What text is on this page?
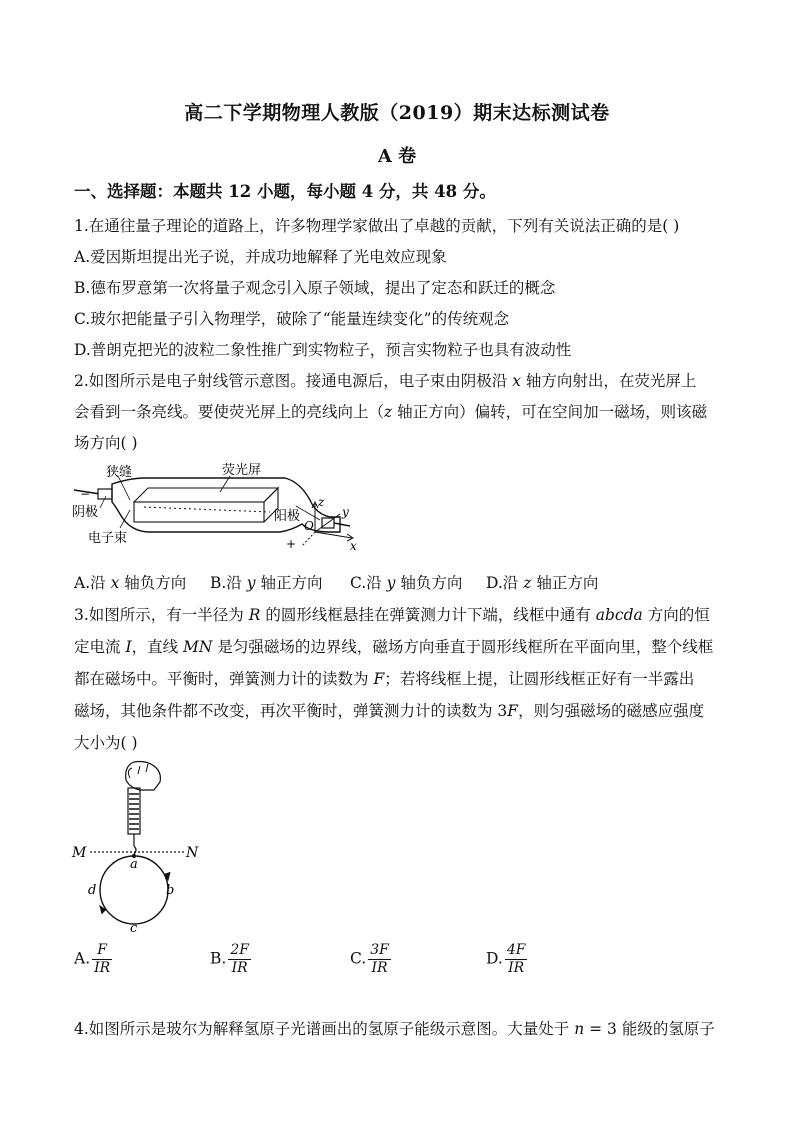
高二下学期物理人教版（2019）期末达标测试卷
A 卷
一、选择题：本题共 12 小题，每小题 4 分，共 48 分。
1.在通往量子理论的道路上，许多物理学家做出了卓越的贡献，下列有关说法正确的是( )
A.爱因斯坦提出光子说，并成功地解释了光电效应现象
B.德布罗意第一次将量子观念引入原子领域，提出了定态和跃迁的概念
C.玻尔把能量子引入物理学，破除了“能量连续变化”的传统观念
D.普朗克把光的波粒二象性推广到实物粒子，预言实物粒子也具有波动性
2.如图所示是电子射线管示意图。接通电源后，电子束由阴极沿 x 轴方向射出，在荧光屏上
会看到一条亮线。要使荧光屏上的亮线向上（z 轴正方向）偏转，可在空间加一磁场，则该磁
场方向( )
狭缝	荧光屏
阴极	阳极
电子束
−
+
z
y
x
O
A.沿 x 轴负方向 B.沿 y 轴正方向 C.沿 y 轴负方向 D.沿 z 轴正方向
3.如图所示，有一半径为 R 的圆形线框悬挂在弹簧测力计下端，线框中通有 abcda 方向的恒
定电流 I，直线 MN 是匀强磁场的边界线，磁场方向垂直于圆形线框所在平面向里，整个线框
都在磁场中。平衡时，弹簧测力计的读数为 F；若将线框上提，让圆形线框正好有一半露出
磁场，其他条件都不改变，再次平衡时，弹簧测力计的读数为 3F，则匀强磁场的磁感应强度
大小为( )
M	N
a
b
c
d
A. $\frac{F}{IR}$	B. $\frac{2F}{IR}$	C. $\frac{3F}{IR}$	D. $\frac{4F}{IR}$
4.如图所示是玻尔为解释氢原子光谱画出的氢原子能级示意图。大量处于 n = 3 能级的氢原子
